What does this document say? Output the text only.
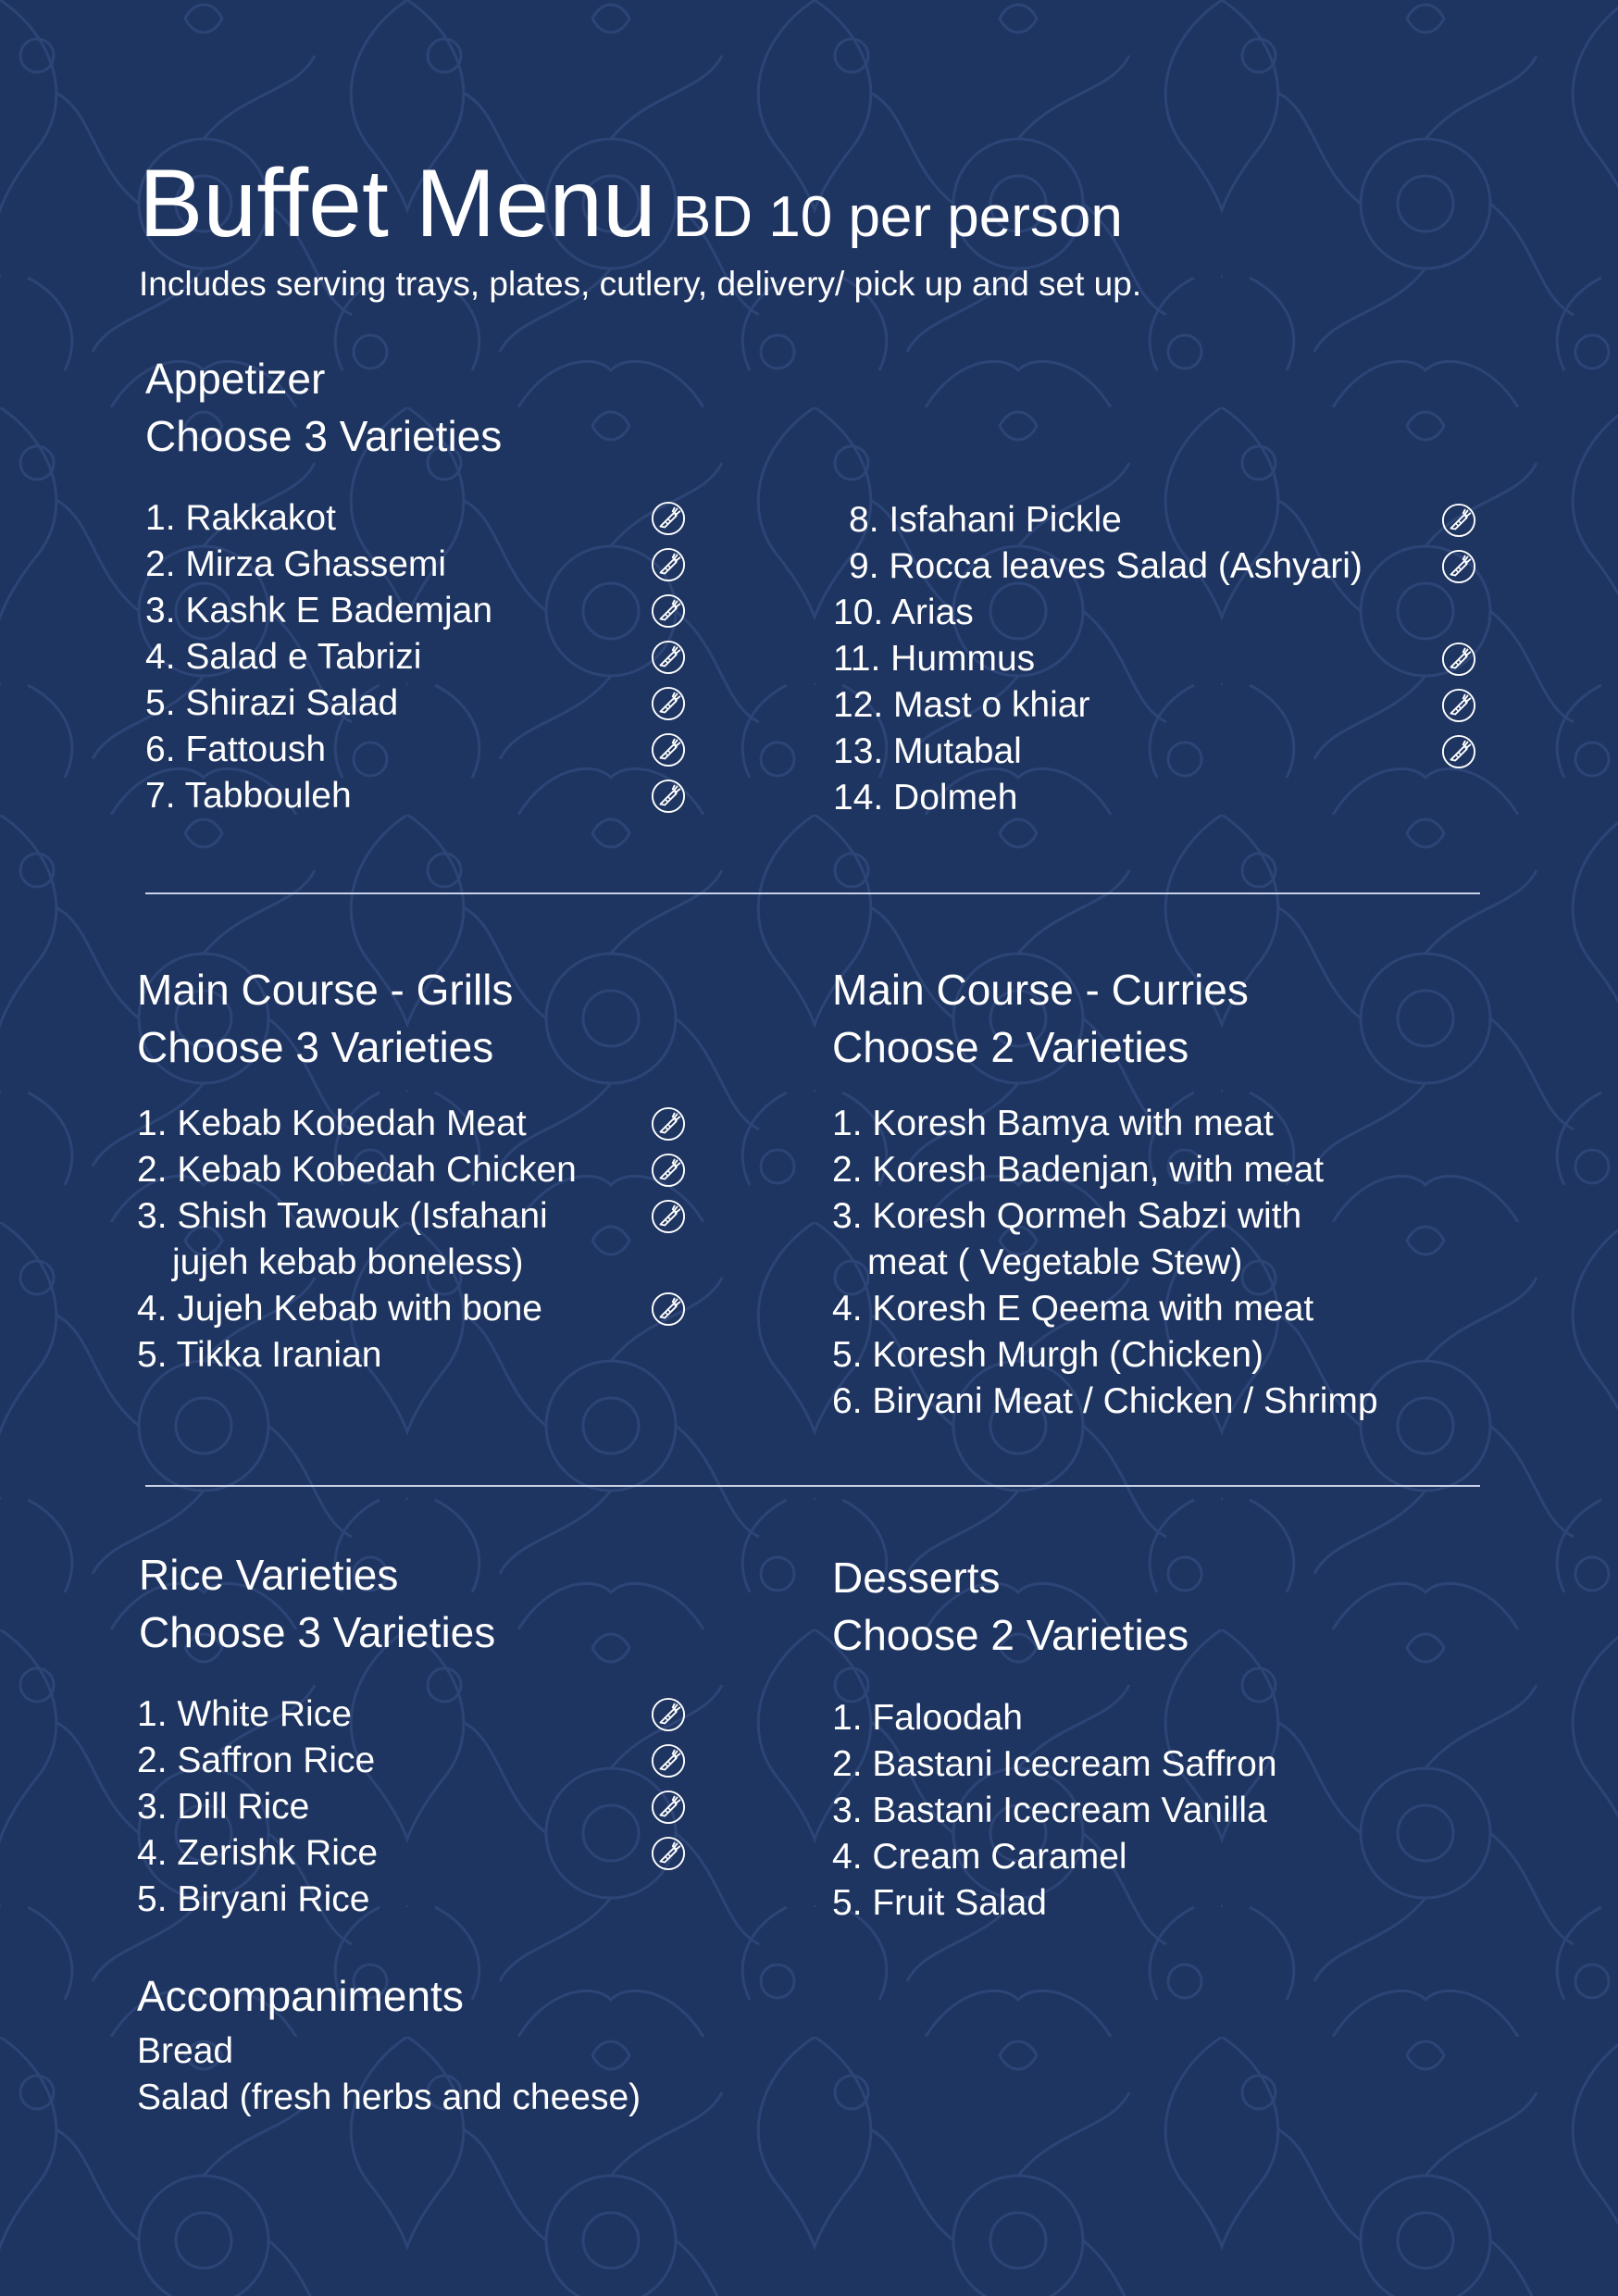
Buffet Menu BD 10 per person
Includes serving trays, plates, cutlery, delivery/ pick up and set up.
Appetizer
Choose 3 Varieties
1. Rakkakot
2. Mirza Ghassemi
3. Kashk E Bademjan
4. Salad e Tabrizi
5. Shirazi Salad
6. Fattoush
7. Tabbouleh
8. Isfahani Pickle
9. Rocca leaves Salad (Ashyari)
10. Arias
11. Hummus
12. Mast o khiar
13. Mutabal
14. Dolmeh
Main Course - Grills
Choose 3 Varieties
1. Kebab Kobedah Meat
2. Kebab Kobedah Chicken
3. Shish Tawouk (Isfahani
jujeh kebab boneless)
4. Jujeh Kebab with bone
5. Tikka Iranian
Main Course - Curries
Choose 2 Varieties
1. Koresh Bamya with meat
2. Koresh Badenjan, with meat
3. Koresh Qormeh Sabzi with
meat ( Vegetable Stew)
4. Koresh E Qeema with meat
5. Koresh Murgh (Chicken)
6. Biryani Meat / Chicken / Shrimp
Rice Varieties
Choose 3 Varieties
1. White Rice
2. Saffron Rice
3. Dill Rice
4. Zerishk Rice
5. Biryani Rice
Desserts
Choose 2 Varieties
1. Faloodah
2. Bastani Icecream Saffron
3. Bastani Icecream Vanilla
4. Cream Caramel
5. Fruit Salad
Accompaniments
Bread
Salad (fresh herbs and cheese)
